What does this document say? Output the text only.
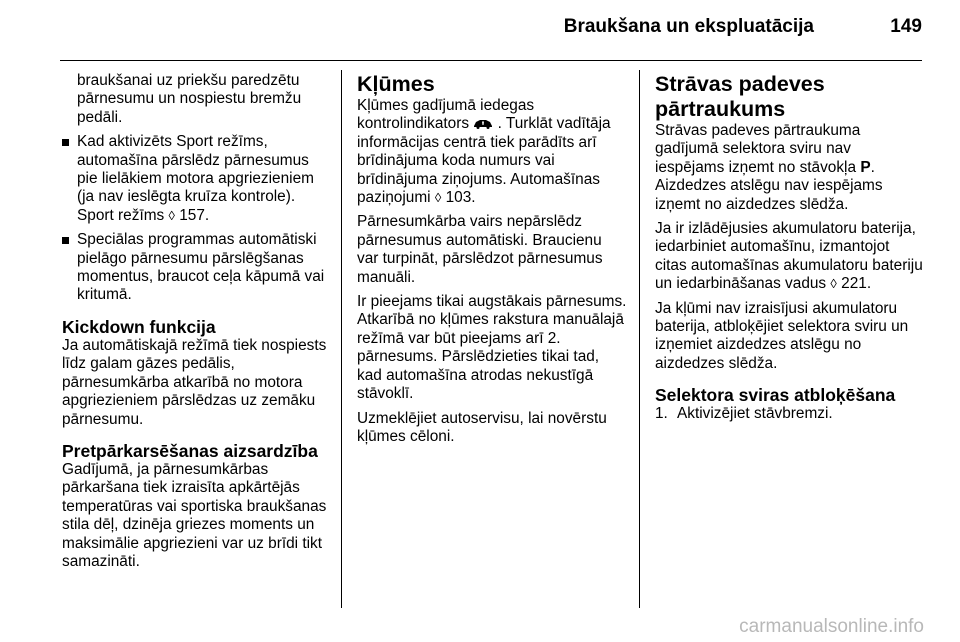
Braukšana un ekspluatācija	149

braukšanai uz priekšu paredzētu pārnesumu un nospiestu bremžu pedāli.

Kad aktivizēts Sport režīms, automašīna pārslēdz pārnesumus pie lielākiem motora apgriezieniem (ja nav ieslēgta kruīza kontrole). Sport režīms ◊ 157.

Speciālas programmas automātiski pielāgo pārnesumu pārslēgšanas momentus, braucot ceļa kāpumā vai kritumā.

Kickdown funkcija

Ja automātiskajā režīmā tiek nospiests līdz galam gāzes pedālis, pārnesumkārba atkarībā no motora apgriezieniem pārslēdzas uz zemāku pārnesumu.

Pretpārkarsēšanas aizsardzība

Gadījumā, ja pārnesumkārbas pārkaršana tiek izraisīta apkārtējās temperatūras vai sportiska braukšanas stila dēļ, dzinēja griezes moments un maksimālie apgriezieni var uz brīdi tikt samazināti.

Kļūmes

Kļūmes gadījumā iedegas kontrolindikators . Turklāt vadītāja informācijas centrā tiek parādīts arī brīdinājuma koda numurs vai brīdinājuma ziņojums. Automašīnas paziņojumi ◊ 103.

Pārnesumkārba vairs nepārslēdz pārnesumus automātiski. Braucienu var turpināt, pārslēdzot pārnesumus manuāli.

Ir pieejams tikai augstākais pārnesums. Atkarībā no kļūmes rakstura manuālajā režīmā var būt pieejams arī 2. pārnesums. Pārslēdzieties tikai tad, kad automašīna atrodas nekustīgā stāvoklī.

Uzmeklējiet autoservisu, lai novērstu kļūmes cēloni.

Strāvas padeves pārtraukums

Strāvas padeves pārtraukuma gadījumā selektora sviru nav iespējams izņemt no stāvokļa P. Aizdedzes atslēgu nav iespējams izņemt no aizdedzes slēdža.

Ja ir izlādējusies akumulatoru baterija, iedarbiniet automašīnu, izmantojot citas automašīnas akumulatoru bateriju un iedarbināšanas vadus ◊ 221.

Ja kļūmi nav izraisījusi akumulatoru baterija, atbloķējiet selektora sviru un izņemiet aizdedzes atslēgu no aizdedzes slēdža.

Selektora sviras atbloķēšana

1. Aktivizējiet stāvbremzi.

carmanualsonline.info
